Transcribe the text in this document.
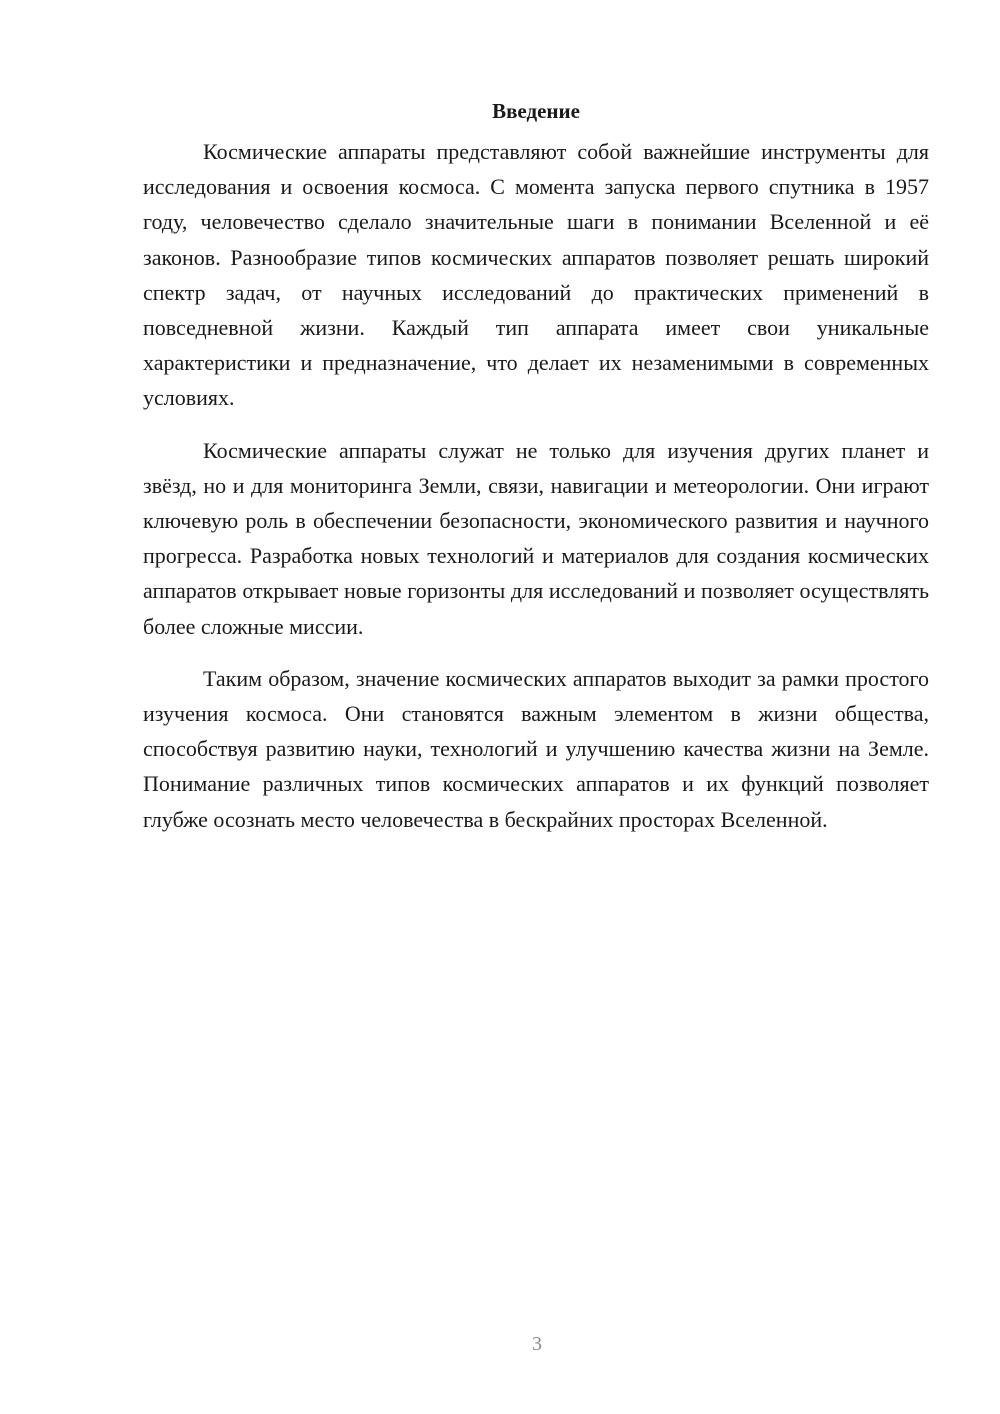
Введение

Космические аппараты представляют собой важнейшие инструменты для исследования и освоения космоса. С момента запуска первого спутника в 1957 году, человечество сделало значительные шаги в понимании Вселенной и её законов. Разнообразие типов космических аппаратов позволяет решать широкий спектр задач, от научных исследований до практических применений в повседневной жизни. Каждый тип аппарата имеет свои уникальные характеристики и предназначение, что делает их незаменимыми в современных условиях.

Космические аппараты служат не только для изучения других планет и звёзд, но и для мониторинга Земли, связи, навигации и метеорологии. Они играют ключевую роль в обеспечении безопасности, экономического развития и научного прогресса. Разработка новых технологий и материалов для создания космических аппаратов открывает новые горизонты для исследований и позволяет осуществлять более сложные миссии.

Таким образом, значение космических аппаратов выходит за рамки простого изучения космоса. Они становятся важным элементом в жизни общества, способствуя развитию науки, технологий и улучшению качества жизни на Земле. Понимание различных типов космических аппаратов и их функций позволяет глубже осознать место человечества в бескрайних просторах Вселенной.

3
